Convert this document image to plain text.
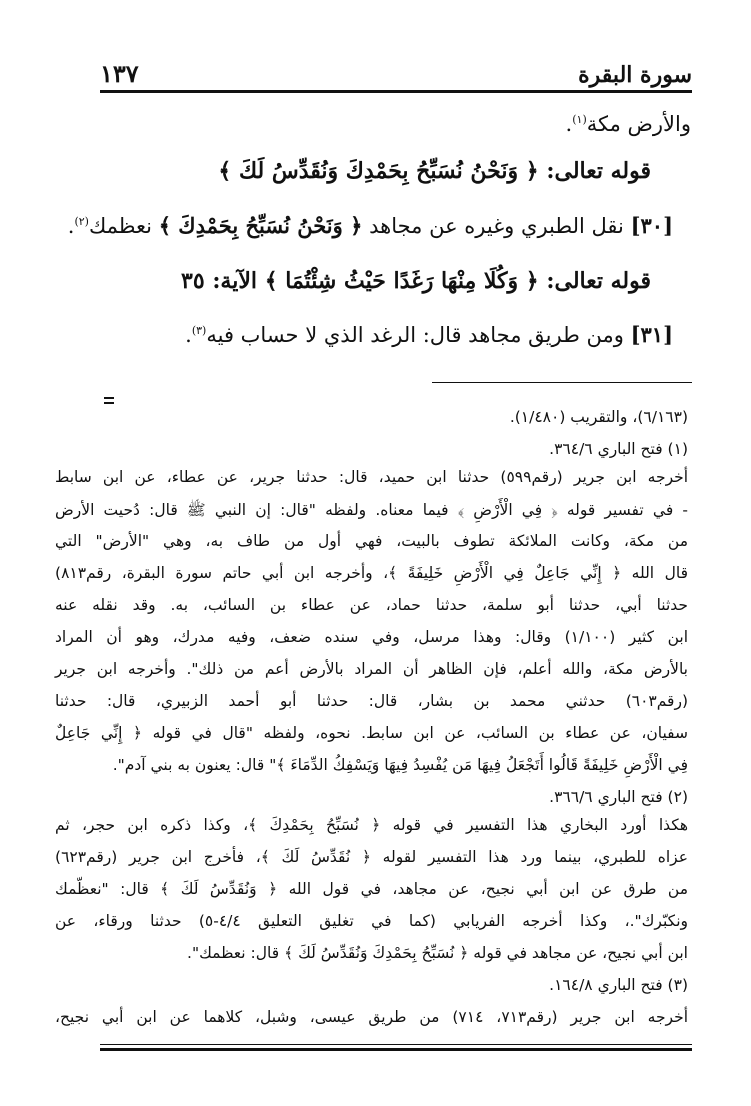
سورة البقرة
١٣٧
والأرض مكة$^{(١)}$.
قوله تعالى: ﴿ وَنَحْنُ نُسَبِّحُ بِحَمْدِكَ وَنُقَدِّسُ لَكَ ﴾
[٣٠] نقل الطبري وغيره عن مجاهد ﴿ وَنَحْنُ نُسَبِّحُ بِحَمْدِكَ ﴾ نعظمك$^{(٢)}$.
قوله تعالى: ﴿ وَكُلَا مِنْهَا رَغَدًا حَيْثُ شِئْتُمَا ﴾ الآية: ٣٥
[٣١] ومن طريق مجاهد قال: الرغد الذي لا حساب فيه$^{(٣)}$.
(٦/١٦٣)، والتقريب (١/٤٨٠).
(١) فتح الباري ٣٦٤/٦.
أخرجه ابن جرير (رقم٥٩٩) حدثنا ابن حميد، قال: حدثنا جرير، عن عطاء، عن ابن سابط
- في تفسير قوله ﴿ فِي الْأَرْضِ ﴾ فيما معناه. ولفظه "قال: إن النبي ﷺ قال: دُحيت الأرض
من مكة، وكانت الملائكة تطوف بالبيت، فهي أول من طاف به، وهي "الأرض" التي
قال الله ﴿ إِنِّي جَاعِلٌ فِي الْأَرْضِ خَلِيفَةً ﴾، وأخرجه ابن أبي حاتم سورة البقرة، رقم٨١٣)
حدثنا أبي، حدثنا أبو سلمة، حدثنا حماد، عن عطاء بن السائب، به. وقد نقله عنه
ابن كثير (١/١٠٠) وقال: وهذا مرسل، وفي سنده ضعف، وفيه مدرك، وهو أن المراد
بالأرض مكة، والله أعلم، فإن الظاهر أن المراد بالأرض أعم من ذلك". وأخرجه ابن جرير
(رقم٦٠٣) حدثني محمد بن بشار، قال: حدثنا أبو أحمد الزبيري، قال: حدثنا
سفيان، عن عطاء بن السائب، عن ابن سابط. نحوه، ولفظه "قال في قوله ﴿ إِنِّي جَاعِلٌ
فِي الْأَرْضِ خَلِيفَةً قَالُوا أَتَجْعَلُ فِيهَا مَن يُفْسِدُ فِيهَا وَيَسْفِكُ الدِّمَاءَ ﴾" قال: يعنون به بني آدم".
(٢) فتح الباري ٣٦٦/٦.
هكذا أورد البخاري هذا التفسير في قوله ﴿ نُسَبِّحُ بِحَمْدِكَ ﴾، وكذا ذكره ابن حجر، ثم
عزاه للطبري، بينما ورد هذا التفسير لقوله ﴿ نُقَدِّسُ لَكَ ﴾، فأخرج ابن جرير (رقم٦٢٣)
من طرق عن ابن أبي نجيح، عن مجاهد، في قول الله ﴿ وَنُقَدِّسُ لَكَ ﴾ قال: "نعظّمك
ونكبّرك".، وكذا أخرجه الفريابي (كما في تغليق التعليق ٤/٤-٥) حدثنا ورقاء، عن
ابن أبي نجيح، عن مجاهد في قوله ﴿ نُسَبِّحُ بِحَمْدِكَ وَنُقَدِّسُ لَكَ ﴾ قال: نعظمك".
(٣) فتح الباري ١٦٤/٨.
أخرجه ابن جرير (رقم٧١٣، ٧١٤) من طريق عيسى، وشبل، كلاهما عن ابن أبي نجيح،
